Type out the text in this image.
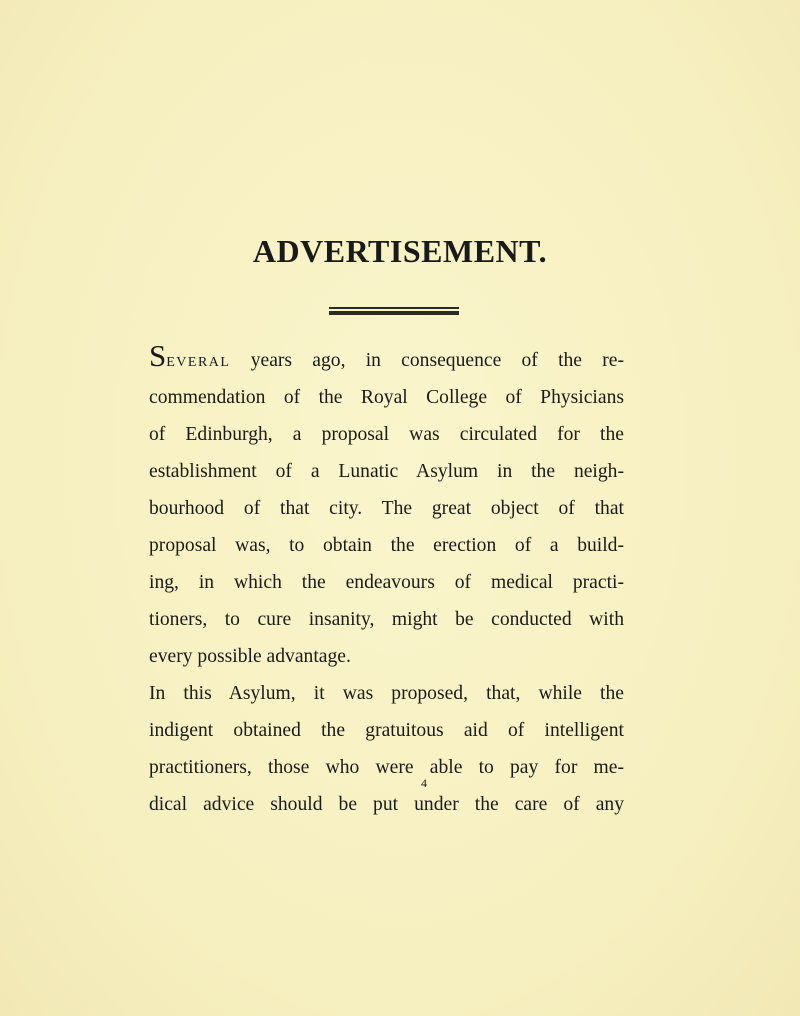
ADVERTISEMENT.
Several years ago, in consequence of the re-
commendation of the Royal College of Physicians
of Edinburgh, a proposal was circulated for the
establishment of a Lunatic Asylum in the neigh-
bourhood of that city. The great object of that
proposal was, to obtain the erection of a build-
ing, in which the endeavours of medical practi-
tioners, to cure insanity, might be conducted with
every possible advantage.
In this Asylum, it was proposed, that, while the
indigent obtained the gratuitous aid of intelligent
practitioners, those who were able to pay for me-
dical advice should be put under the care of any
4
